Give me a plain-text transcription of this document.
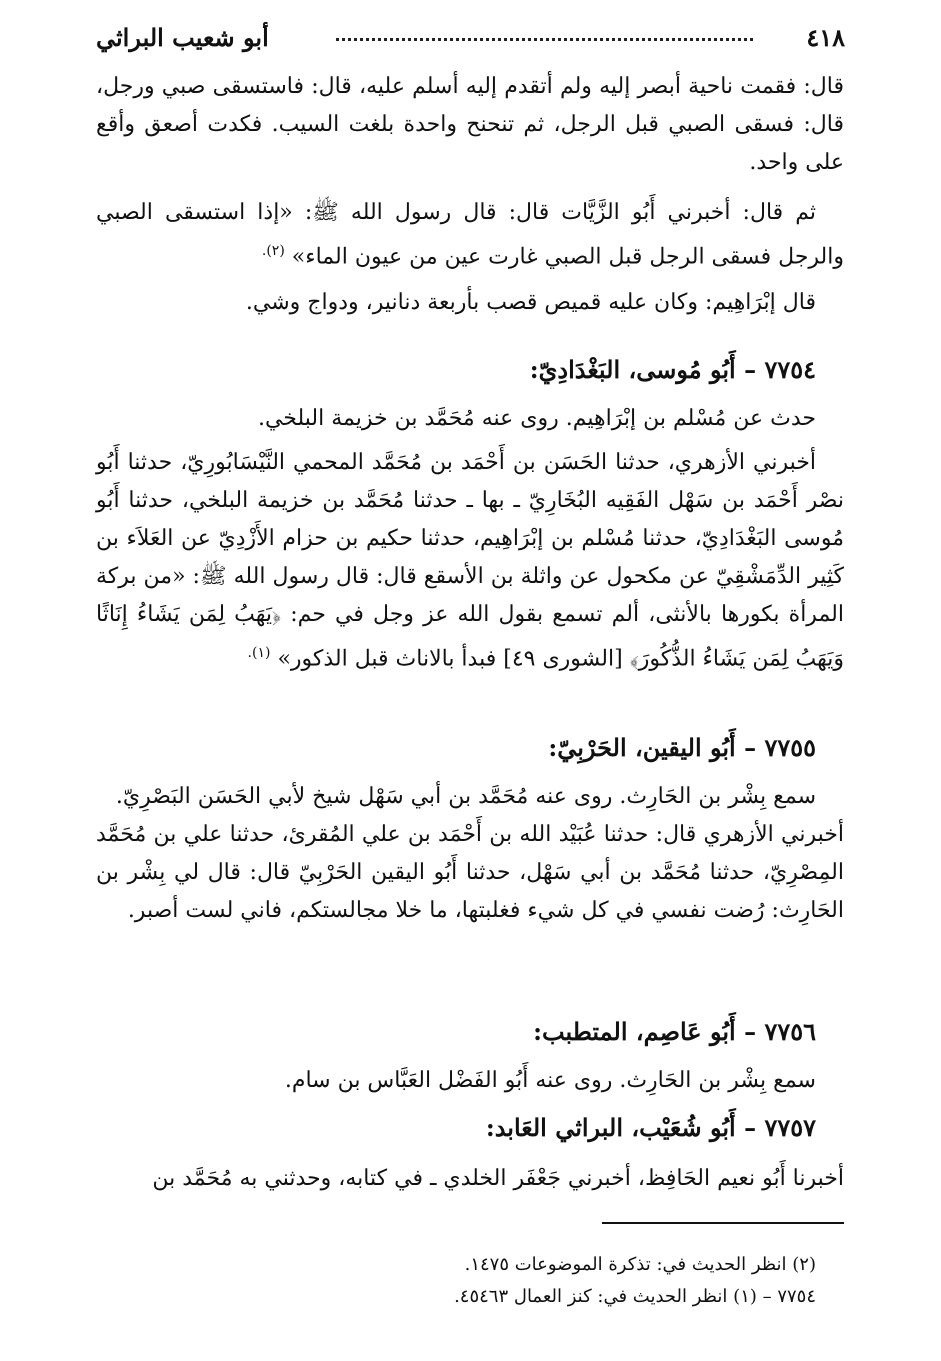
٤١٨
أبو شعيب البراثي

قال: فقمت ناحية أبصر إليه ولم أتقدم إليه أسلم عليه، قال: فاستسقى صبي ورجل، قال: فسقى الصبي قبل الرجل، ثم تنحنح واحدة بلغت السيب. فكدت أصعق وأقع على واحد.

ثم قال: أخبرني أَبُو الزَّيَّات قال: قال رسول الله ﷺ: «إذا استسقى الصبي والرجل فسقى الرجل قبل الصبي غارت عين من عيون الماء» $^{(٢).}$

قال إبْرَاهِيم: وكان عليه قميص قصب بأربعة دنانير، ودواج وشي.

٧٧٥٤ – أَبُو مُوسى، البَغْدَادِيّ:

حدث عن مُسْلم بن إبْرَاهِيم. روى عنه مُحَمَّد بن خزيمة البلخي.

أخبرني الأزهري، حدثنا الحَسَن بن أَحْمَد بن مُحَمَّد المحمي النَّيْسَابُورِيّ، حدثنا أَبُو نصْر أَحْمَد بن سَهْل الفَقِيه البُخَارِيّ ـ بها ـ حدثنا مُحَمَّد بن خزيمة البلخي، حدثنا أَبُو مُوسى البَغْدَادِيّ، حدثنا مُسْلم بن إبْرَاهِيم، حدثنا حكيم بن حزام الأَزْدِيّ عن العَلاَء بن كَثِير الدِّمَشْقِيّ عن مكحول عن واثلة بن الأسقع قال: قال رسول الله ﷺ: «من بركة المرأة بكورها بالأنثى، ألم تسمع بقول الله عز وجل في حم: ﴿يَهَبُ لِمَن يَشَاءُ إِنَاثًا وَيَهَبُ لِمَن يَشَاءُ الذُّكُورَ﴾ [الشورى ٤٩] فبدأ بالاناث قبل الذكور» $^{(١).}$

٧٧٥٥ – أَبُو اليقين، الحَرْبِيّ:

سمع بِشْر بن الحَارِث. روى عنه مُحَمَّد بن أبي سَهْل شيخ لأبي الحَسَن البَصْرِيّ.

أخبرني الأزهري قال: حدثنا عُبَيْد الله بن أَحْمَد بن علي المُقرئ، حدثنا علي بن مُحَمَّد المِصْرِيّ، حدثنا مُحَمَّد بن أبي سَهْل، حدثنا أَبُو اليقين الحَرْبِيّ قال: قال لي بِشْر بن الحَارِث: رُضت نفسي في كل شيء فغلبتها، ما خلا مجالستكم، فاني لست أصبر.

٧٧٥٦ – أَبُو عَاصِم، المتطبب:

سمع بِشْر بن الحَارِث. روى عنه أَبُو الفَضْل العَبَّاس بن سام.

٧٧٥٧ – أَبُو شُعَيْب، البراثي العَابد:

أخبرنا أَبُو نعيم الحَافِظ، أخبرني جَعْفَر الخلدي ـ في كتابه، وحدثني به مُحَمَّد بن

(٢) انظر الحديث في: تذكرة الموضوعات ١٤٧٥.
٧٧٥٤ – (١) انظر الحديث في: كنز العمال ٤٥٤٦٣.
